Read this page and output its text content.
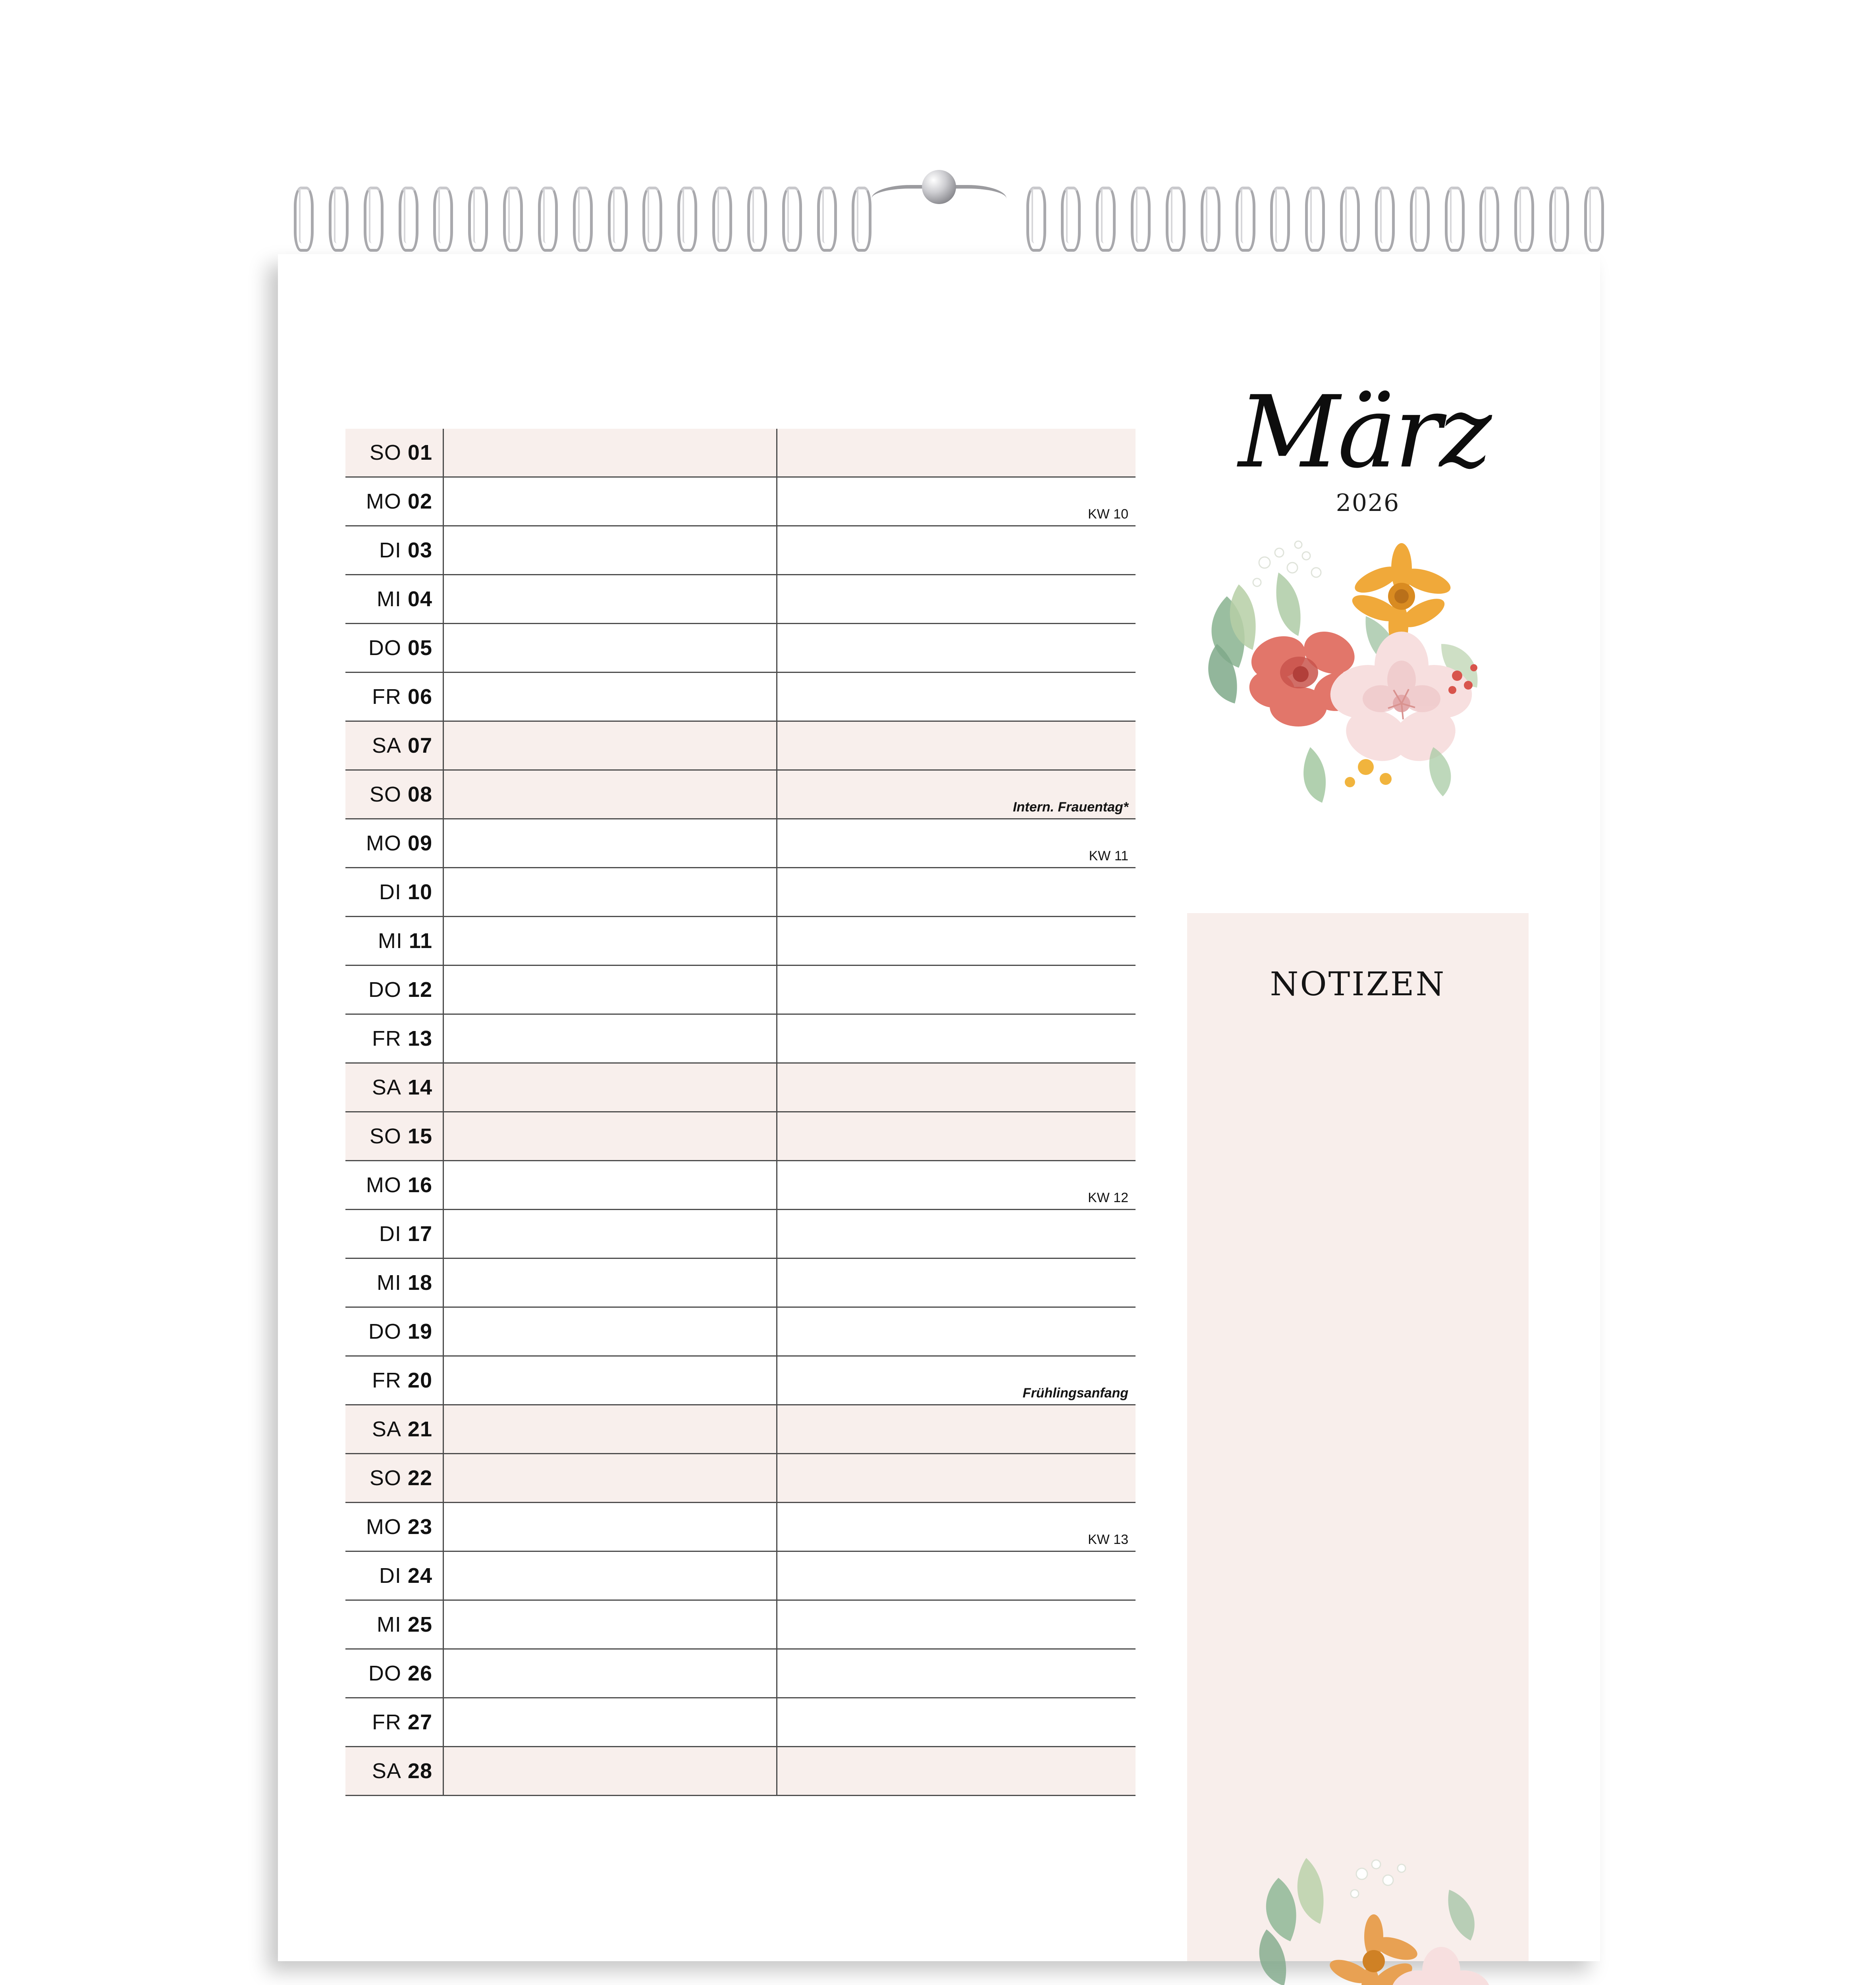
SO 01
MO 02
KW 10
DI 03
MI 04
DO 05
FR 06
SA 07
SO 08
Intern. Frauentag*
MO 09
KW 11
DI 10
MI 11
DO 12
FR 13
SA 14
SO 15
MO 16
KW 12
DI 17
MI 18
DO 19
FR 20
Frühlingsanfang
SA 21
SO 22
MO 23
KW 13
DI 24
MI 25
DO 26
FR 27
SA 28
März
2026
NOTIZEN
